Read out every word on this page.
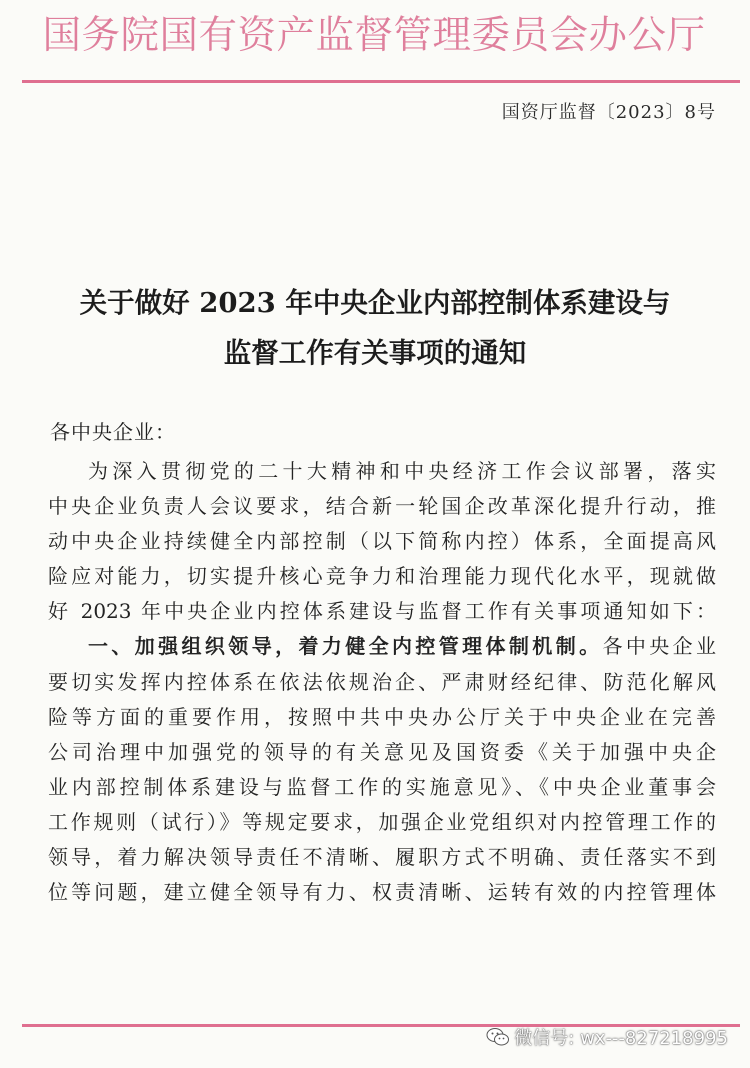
国务院国有资产监督管理委员会办公厅
国资厅监督〔2023〕8号
关于做好 2023 年中央企业内部控制体系建设与
监督工作有关事项的通知
各中央企业：
为深入贯彻党的二十大精神和中央经济工作会议部署，落实
中央企业负责人会议要求，结合新一轮国企改革深化提升行动，推
动中央企业持续健全内部控制（以下简称内控）体系，全面提高风
险应对能力，切实提升核心竞争力和治理能力现代化水平，现就做
好 2023 年中央企业内控体系建设与监督工作有关事项通知如下：
一、加强组织领导，着力健全内控管理体制机制。各中央企业
要切实发挥内控体系在依法依规治企、严肃财经纪律、防范化解风
险等方面的重要作用，按照中共中央办公厅关于中央企业在完善
公司治理中加强党的领导的有关意见及国资委《关于加强中央企
业内部控制体系建设与监督工作的实施意见》、《中央企业董事会
工作规则（试行）》等规定要求，加强企业党组织对内控管理工作的
领导，着力解决领导责任不清晰、履职方式不明确、责任落实不到
位等问题，建立健全领导有力、权责清晰、运转有效的内控管理体
微信号: wx---827218995
